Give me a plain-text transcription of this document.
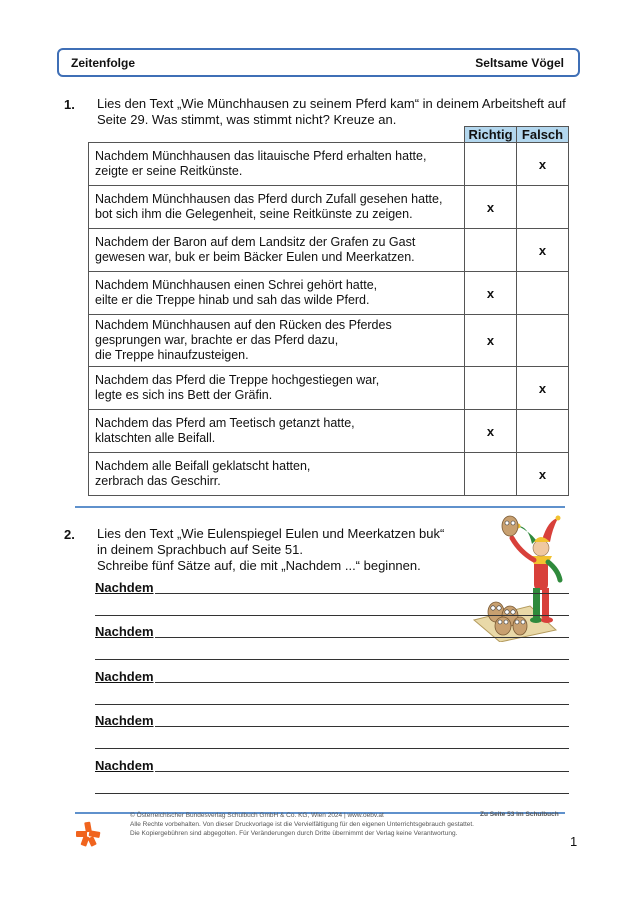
Zeitenfolge	Seltsame Vögel
1. Lies den Text „Wie Münchhausen zu seinem Pferd kam“ in deinem Arbeitsheft auf
Seite 29. Was stimmt, was stimmt nicht? Kreuze an.
	Richtig	Falsch

Nachdem Münchhausen das litauische Pferd erhalten hatte,
zeigte er seine Reitkünste.		x

Nachdem Münchhausen das Pferd durch Zufall gesehen hatte,
bot sich ihm die Gelegenheit, seine Reitkünste zu zeigen.	x	

Nachdem der Baron auf dem Landsitz der Grafen zu Gast
gewesen war, buk er beim Bäcker Eulen und Meerkatzen.		x

Nachdem Münchhausen einen Schrei gehört hatte,
eilte er die Treppe hinab und sah das wilde Pferd.	x	

Nachdem Münchhausen auf den Rücken des Pferdes
gesprungen war, brachte er das Pferd dazu,
die Treppe hinaufzusteigen.	x	

Nachdem das Pferd die Treppe hochgestiegen war,
legte es sich ins Bett der Gräfin.		x

Nachdem das Pferd am Teetisch getanzt hatte,
klatschten alle Beifall.	x	

Nachdem alle Beifall geklatscht hatten,
zerbrach das Geschirr.		x
2. Lies den Text „Wie Eulenspiegel Eulen und Meerkatzen buk“
in deinem Sprachbuch auf Seite 51.
Schreibe fünf Sätze auf, die mit „Nachdem ...“ beginnen.
Nachdem
Nachdem
Nachdem
Nachdem
Nachdem
© Österreichischer Bundesverlag Schulbuch GmbH & Co. KG, Wien 2024 | www.oebv.at
Alle Rechte vorbehalten. Von dieser Druckvorlage ist die Vervielfältigung für den eigenen Unterrichtsgebrauch gestattet.
Die Kopiergebühren sind abgegolten. Für Veränderungen durch Dritte übernimmt der Verlag keine Verantwortung.
Zu Seite 53 im Schulbuch
1
